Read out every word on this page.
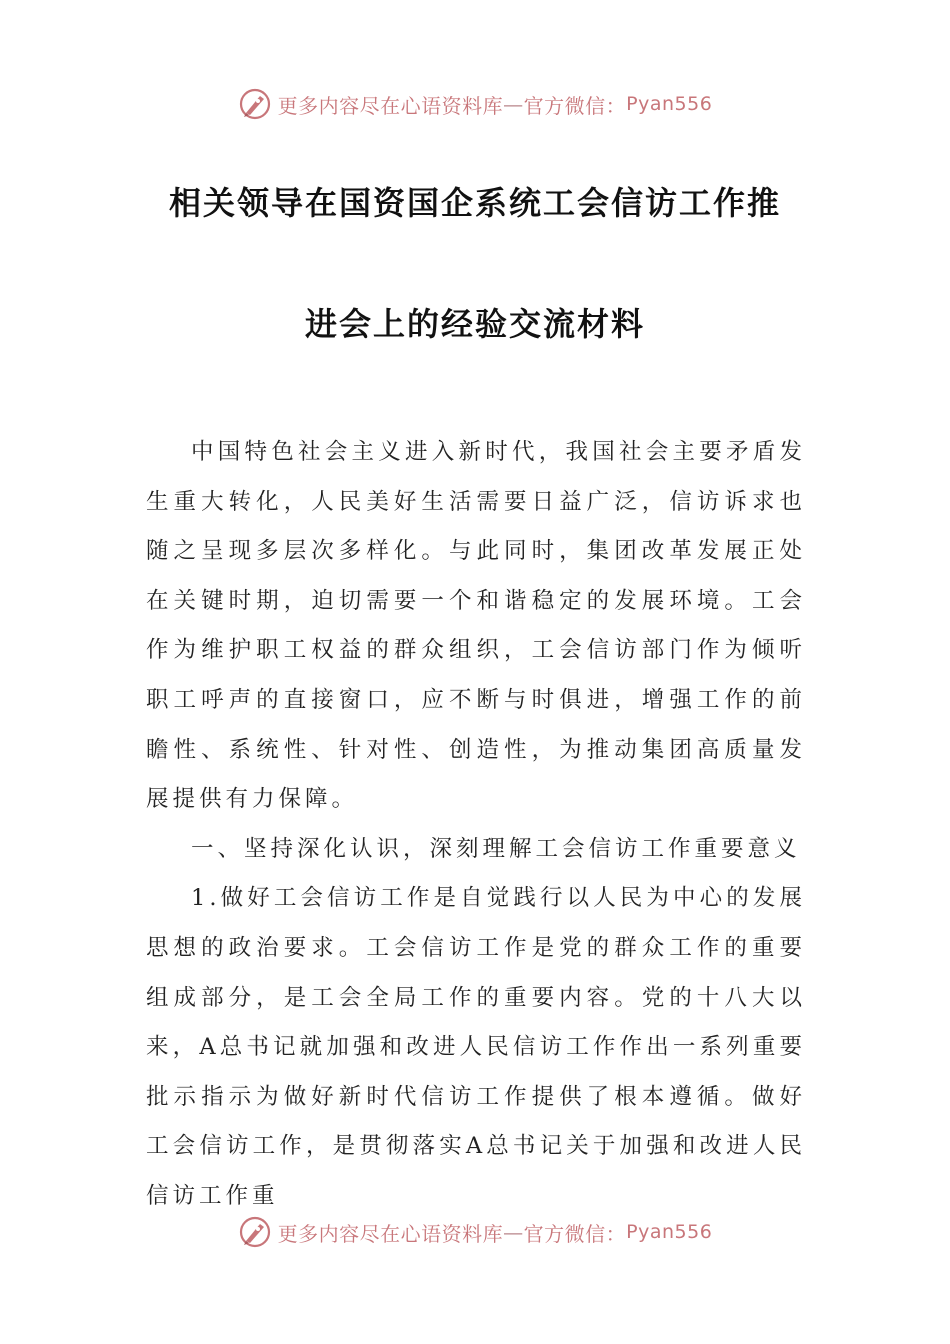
更多内容尽在心语资料库 — 官方微信： Pyan556
相关领导在国资国企系统工会信访工作推
进会上的经验交流材料

中国特色社会主义进入新时代，我国社会主要矛盾发生重大转化，人民美好生活需要日益广泛，信访诉求也随之呈现多层次多样化。与此同时，集团改革发展正处在关键时期，迫切需要一个和谐稳定的发展环境。工会作为维护职工权益的群众组织，工会信访部门作为倾听职工呼声的直接窗口，应不断与时俱进，增强工作的前瞻性、系统性、针对性、创造性，为推动集团高质量发展提供有力保障。

一、坚持深化认识，深刻理解工会信访工作重要意义

1.做好工会信访工作是自觉践行以人民为中心的发展思想的政治要求。工会信访工作是党的群众工作的重要组成部分，是工会全局工作的重要内容。党的十八大以来，A总书记就加强和改进人民信访工作作出一系列重要批示指示为做好新时代信访工作提供了根本遵循。做好工会信访工作，是贯彻落实A总书记关于加强和改进人民信访工作重

更多内容尽在心语资料库 — 官方微信： Pyan556
